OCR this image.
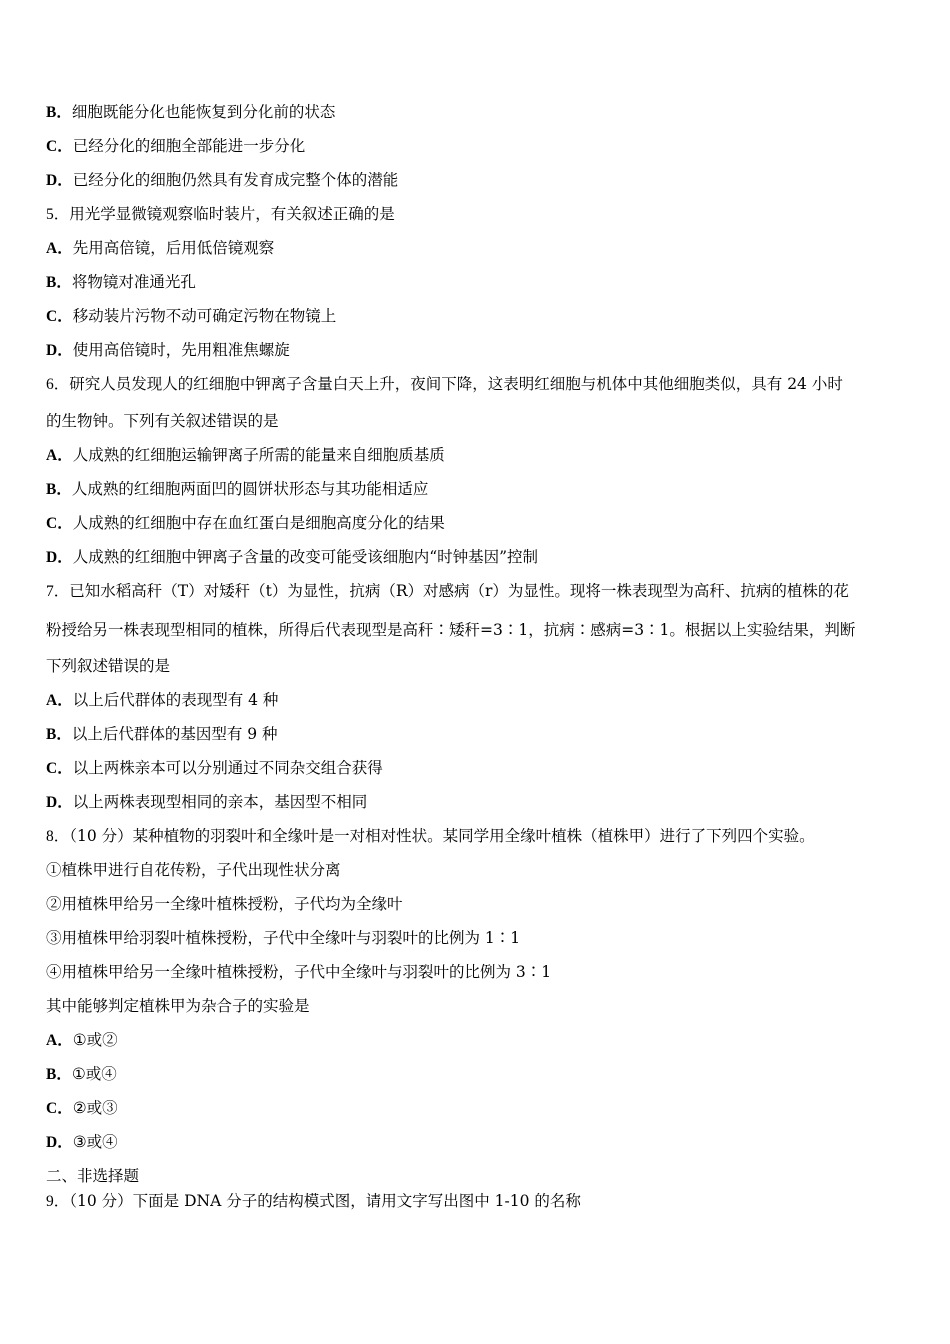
B．细胞既能分化也能恢复到分化前的状态
C．已经分化的细胞全部能进一步分化
D．已经分化的细胞仍然具有发育成完整个体的潜能
5．用光学显微镜观察临时装片，有关叙述正确的是
A．先用高倍镜，后用低倍镜观察
B．将物镜对准通光孔
C．移动装片污物不动可确定污物在物镜上
D．使用高倍镜时，先用粗准焦螺旋
6．研究人员发现人的红细胞中钾离子含量白天上升，夜间下降，这表明红细胞与机体中其他细胞类似，具有 24 小时
的生物钟。下列有关叙述错误的是
A．人成熟的红细胞运输钾离子所需的能量来自细胞质基质
B．人成熟的红细胞两面凹的圆饼状形态与其功能相适应
C．人成熟的红细胞中存在血红蛋白是细胞高度分化的结果
D．人成熟的红细胞中钾离子含量的改变可能受该细胞内“时钟基因”控制
7．已知水稻高秆（T）对矮秆（t）为显性，抗病（R）对感病（r）为显性。现将一株表现型为高秆、抗病的植株的花
粉授给另一株表现型相同的植株，所得后代表现型是高秆∶矮秆=3∶1，抗病∶感病=3∶1。根据以上实验结果，判断
下列叙述错误的是
A．以上后代群体的表现型有 4 种
B．以上后代群体的基因型有 9 种
C．以上两株亲本可以分别通过不同杂交组合获得
D．以上两株表现型相同的亲本，基因型不相同
8．（10 分）某种植物的羽裂叶和全缘叶是一对相对性状。某同学用全缘叶植株（植株甲）进行了下列四个实验。
①植株甲进行自花传粉，子代出现性状分离
②用植株甲给另一全缘叶植株授粉，子代均为全缘叶
③用植株甲给羽裂叶植株授粉，子代中全缘叶与羽裂叶的比例为 1∶1
④用植株甲给另一全缘叶植株授粉，子代中全缘叶与羽裂叶的比例为 3∶1
其中能够判定植株甲为杂合子的实验是
A．①或②
B．①或④
C．②或③
D．③或④
二、非选择题
9．（10 分）下面是 DNA 分子的结构模式图，请用文字写出图中 1-10 的名称
